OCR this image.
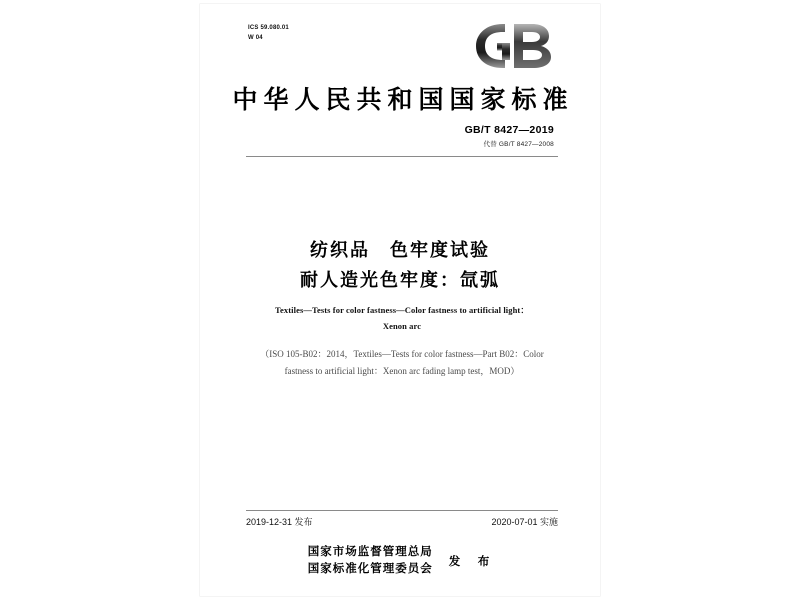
ICS 59.080.01
W 04
中华人民共和国国家标准
GB/T 8427—2019
代替 GB/T 8427—2008
纺织品　色牢度试验
耐人造光色牢度：氙弧
Textiles—Tests for color fastness—Color fastness to artificial light：
Xenon arc
（ISO 105-B02：2014，Textiles—Tests for color fastness—Part B02：Color
fastness to artificial light：Xenon arc fading lamp test，MOD）
2019-12-31 发布	2020-07-01 实施
国家市场监督管理总局
国家标准化管理委员会
发　布
